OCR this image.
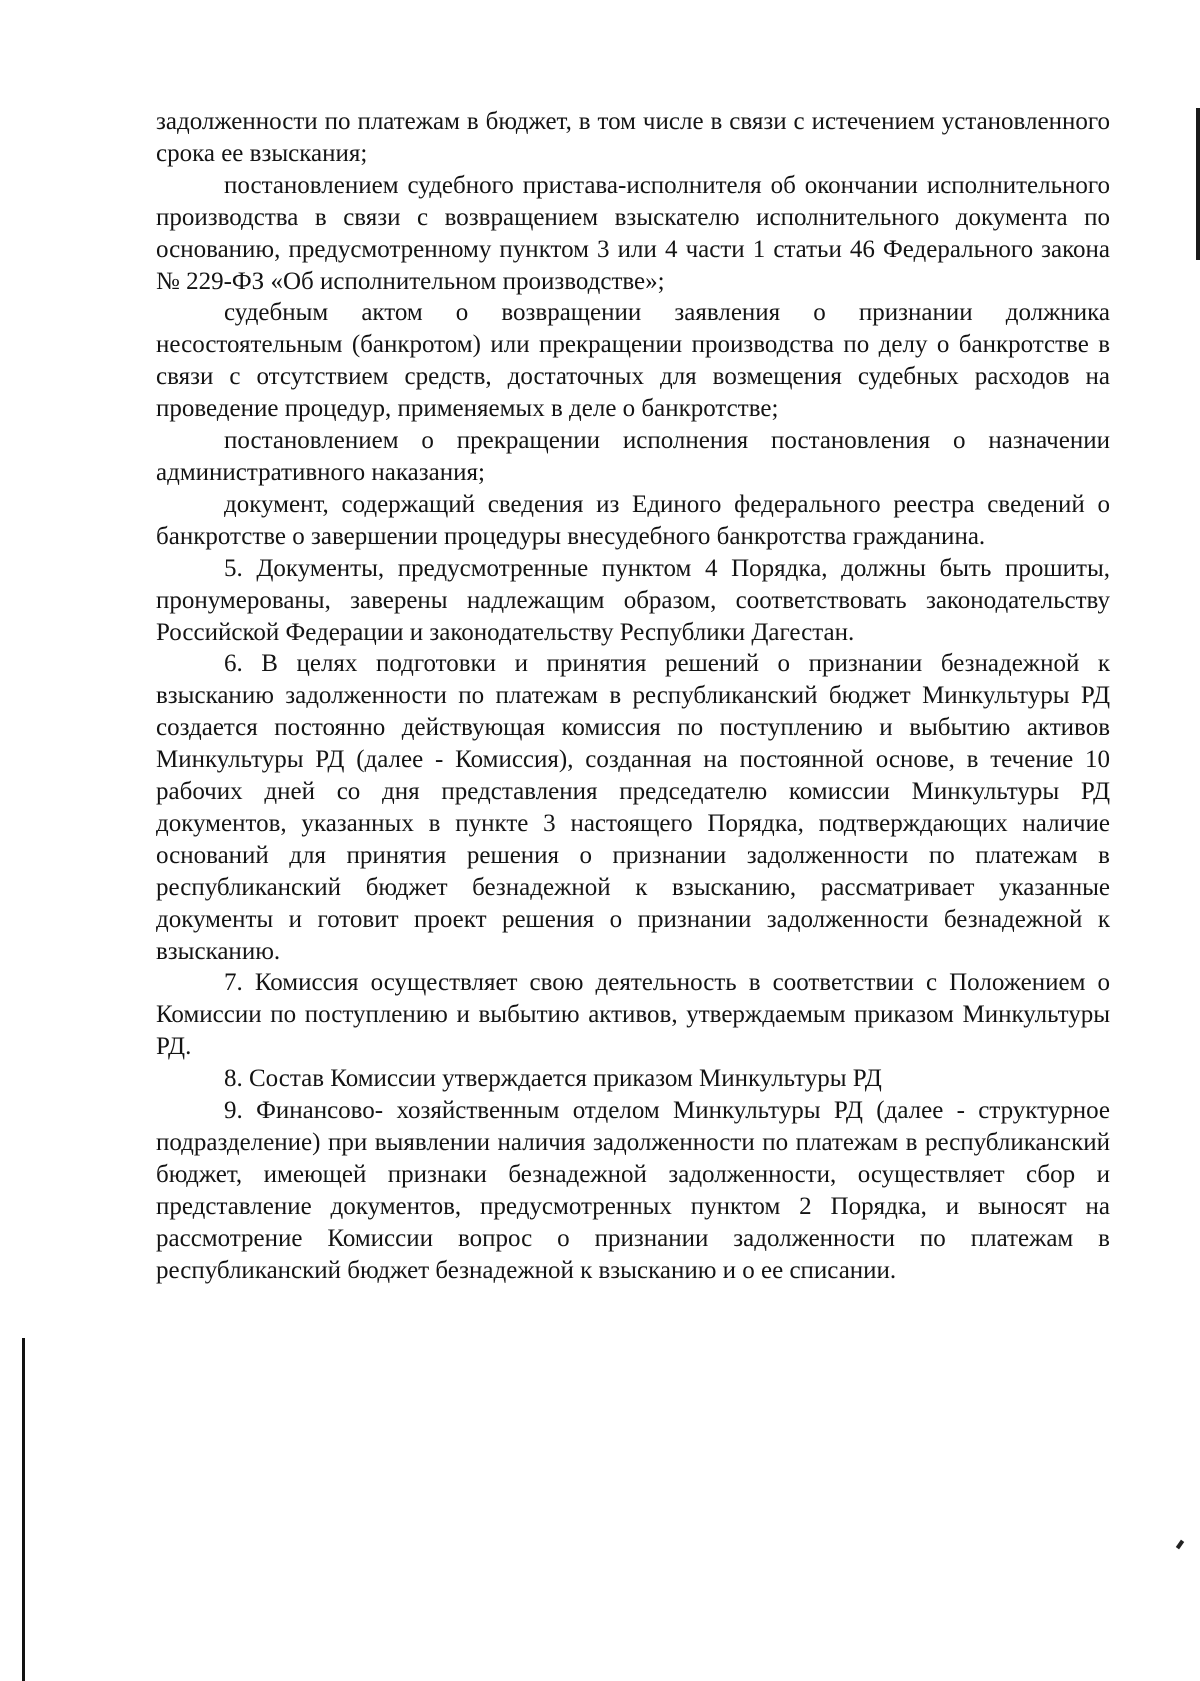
задолженности по платежам в бюджет, в том числе в связи с истечением установленного срока ее взыскания;

постановлением судебного пристава-исполнителя об окончании исполнительного производства в связи с возвращением взыскателю исполнительного документа по основанию, предусмотренному пунктом 3 или 4 части 1 статьи 46 Федерального закона № 229-ФЗ «Об исполнительном производстве»;

судебным актом о возвращении заявления о признании должника несостоятельным (банкротом) или прекращении производства по делу о банкротстве в связи с отсутствием средств, достаточных для возмещения судебных расходов на проведение процедур, применяемых в деле о банкротстве;

постановлением о прекращении исполнения постановления о назначении административного наказания;

документ, содержащий сведения из Единого федерального реестра сведений о банкротстве о завершении процедуры внесудебного банкротства гражданина.

5. Документы, предусмотренные пунктом 4 Порядка, должны быть прошиты, пронумерованы, заверены надлежащим образом, соответствовать законодательству Российской Федерации и законодательству Республики Дагестан.

6. В целях подготовки и принятия решений о признании безнадежной к взысканию задолженности по платежам в республиканский бюджет Минкультуры РД создается постоянно действующая комиссия по поступлению и выбытию активов Минкультуры РД (далее - Комиссия), созданная на постоянной основе, в течение 10 рабочих дней со дня представления председателю комиссии Минкультуры РД документов, указанных в пункте 3 настоящего Порядка, подтверждающих наличие оснований для принятия решения о признании задолженности по платежам в республиканский бюджет безнадежной к взысканию, рассматривает указанные документы и готовит проект решения о признании задолженности безнадежной к взысканию.

7. Комиссия осуществляет свою деятельность в соответствии с Положением о Комиссии по поступлению и выбытию активов, утверждаемым приказом Минкультуры РД.

8. Состав Комиссии утверждается приказом Минкультуры РД

9. Финансово- хозяйственным отделом Минкультуры РД (далее - структурное подразделение) при выявлении наличия задолженности по платежам в республиканский бюджет, имеющей признаки безнадежной задолженности, осуществляет сбор и представление документов, предусмотренных пунктом 2 Порядка, и выносят на рассмотрение Комиссии вопрос о признании задолженности по платежам в республиканский бюджет безнадежной к взысканию и о ее списании.
